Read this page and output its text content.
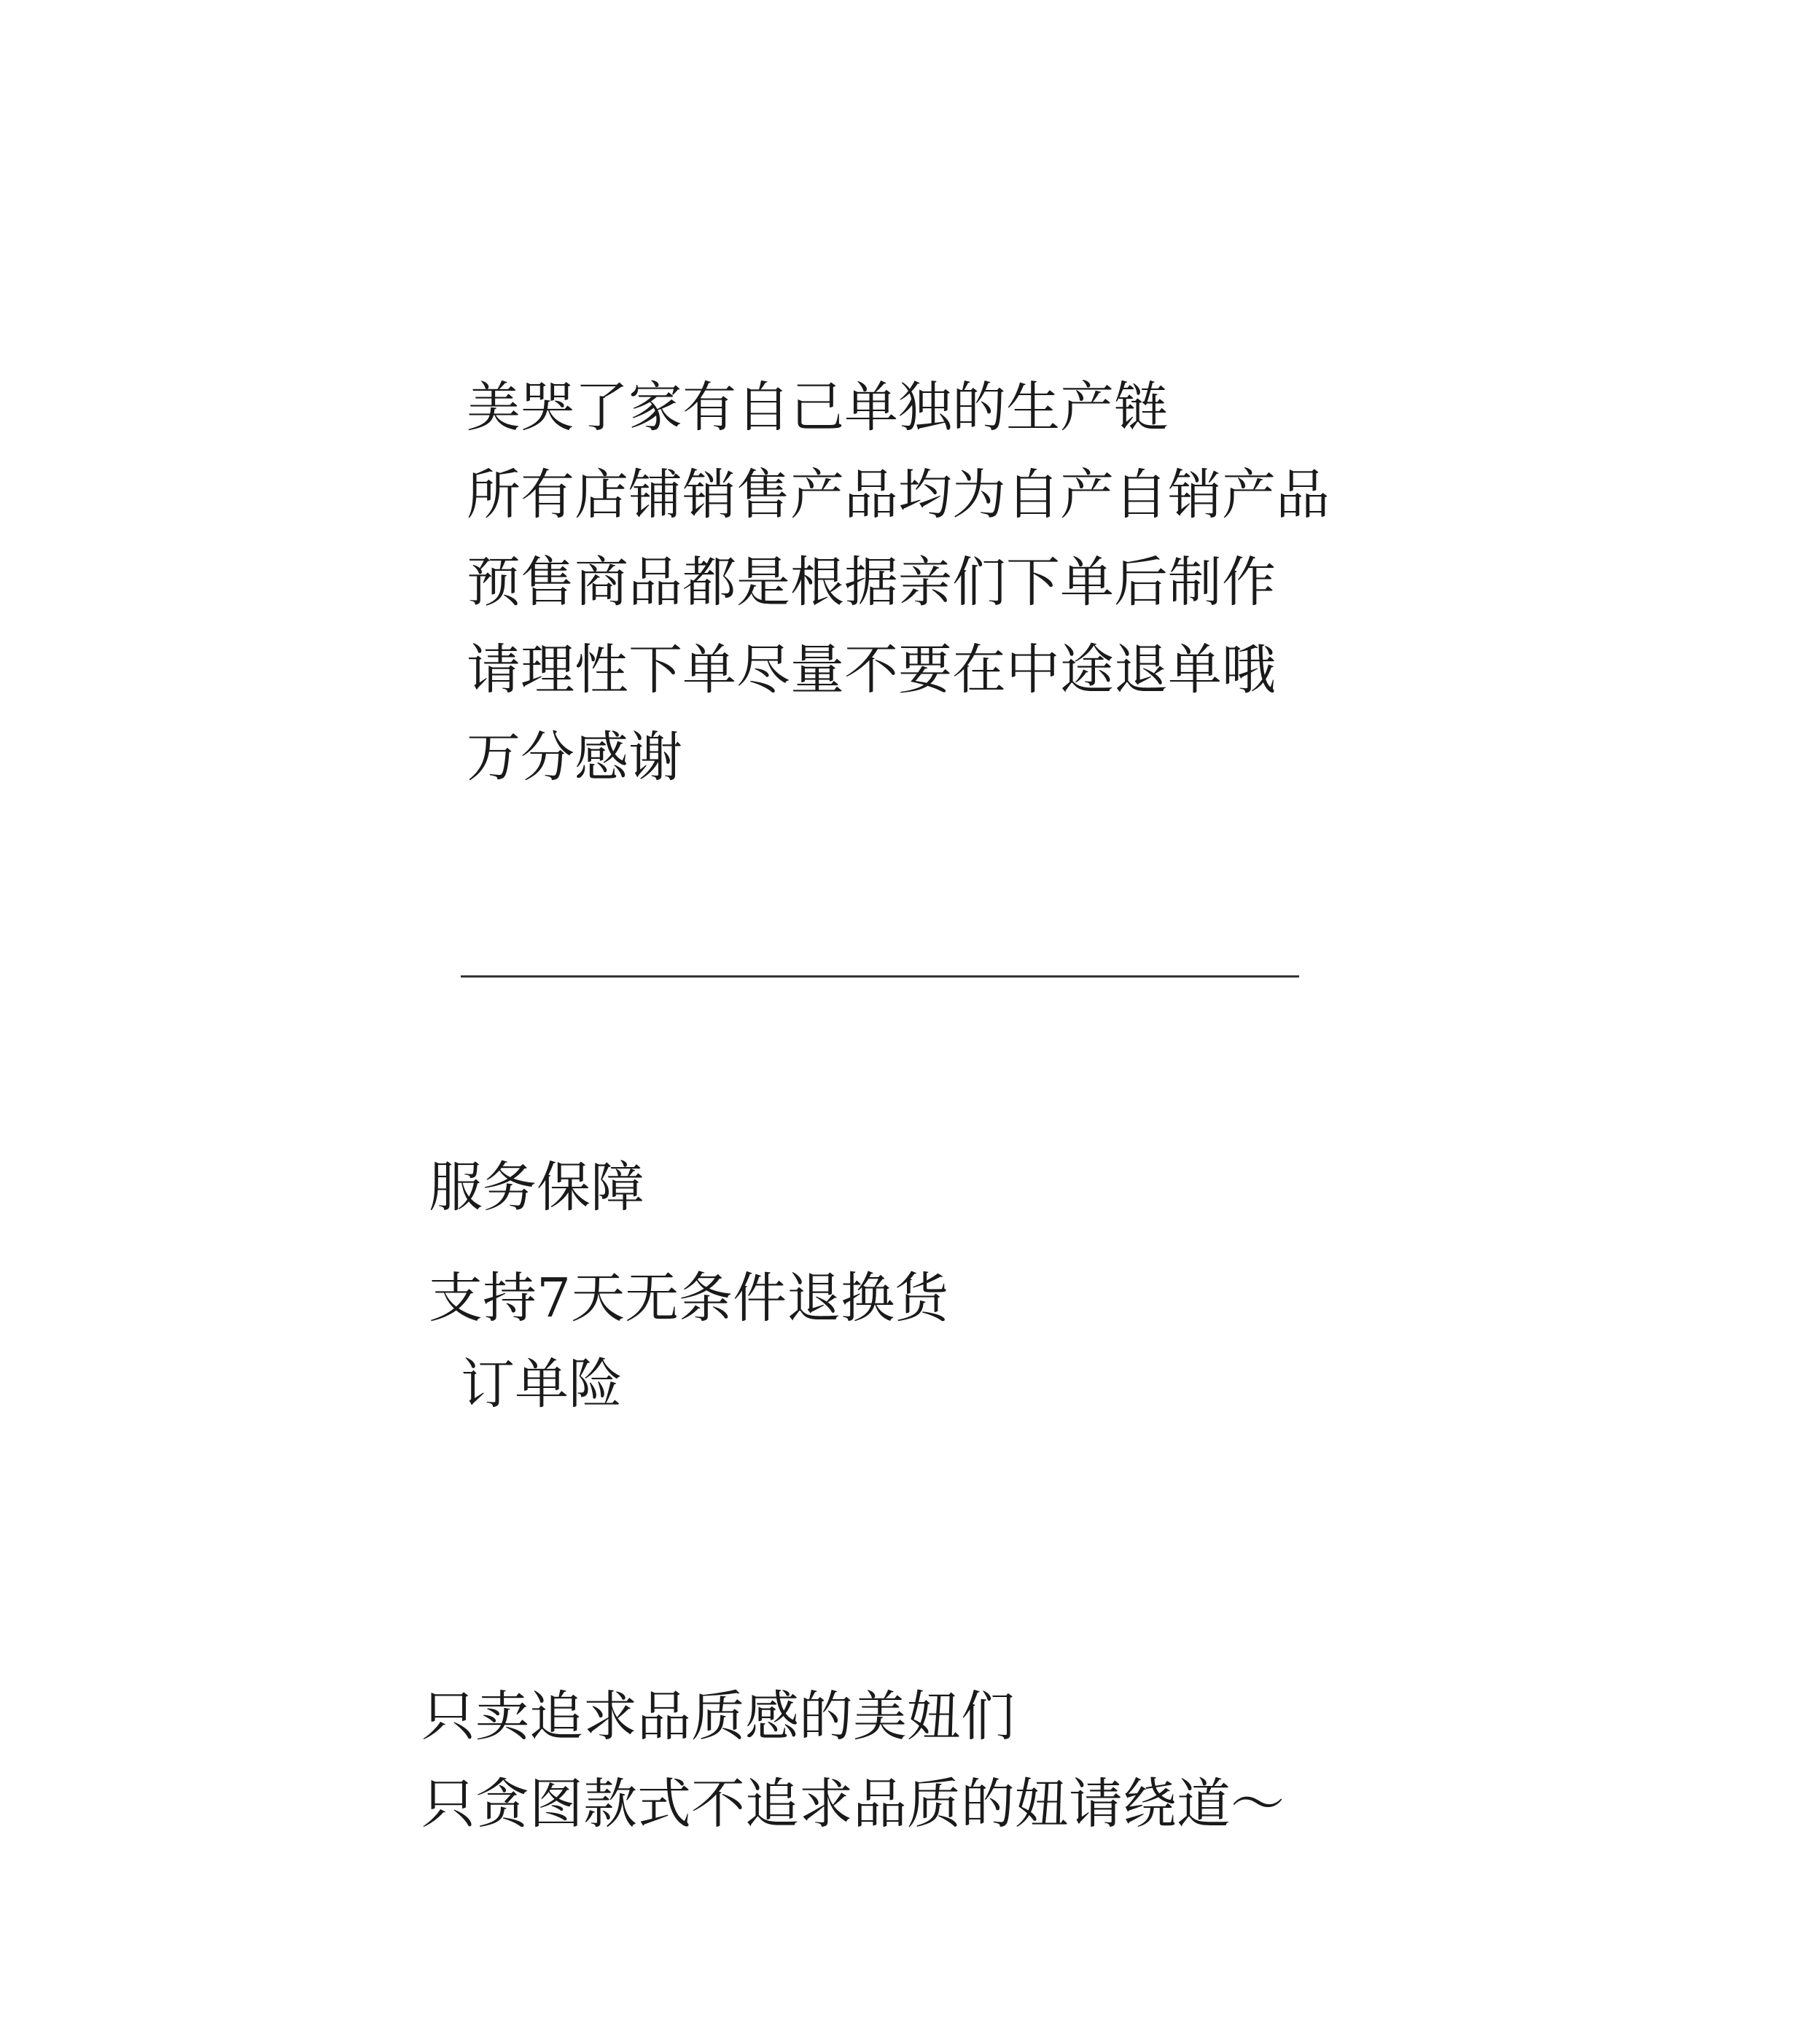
美哭了家有自己单独的生产链
所有店铺销售产品均为自产自销产品
预售商品都是根据亲们下单后制作
请理性下单尽量不要在中途退单哦
万分感谢
服务保障
支持7天无条件退换货
订单险
只卖追求品质感的美妞们
只贪图款式不追求品质的妞请绕道～
